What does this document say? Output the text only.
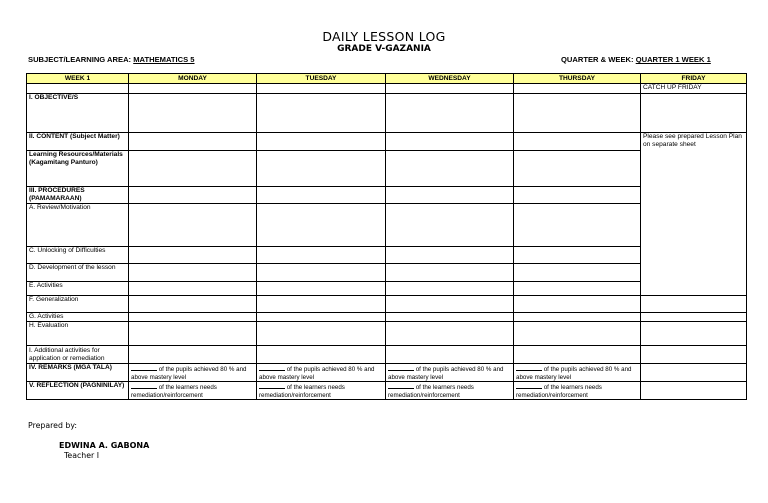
DAILY LESSON LOG
GRADE V-GAZANIA
SUBJECT/LEARNING AREA: MATHEMATICS 5	QUARTER & WEEK: QUARTER 1 WEEK 1
WEEK 1	MONDAY	TUESDAY	WEDNESDAY	THURSDAY	FRIDAY
					CATCH UP FRIDAY
I. OBJECTIVE/S					
II. CONTENT (Subject Matter)					Please see prepared Lesson Plan on separate sheet
Learning Resources/Materials (Kagamitang Panturo)					
III. PROCEDURES (PAMAMARAAN)					
A. Review/Motivation					
C. Unlocking of Difficulties					
D. Development of the lesson					
E. Activities					
F. Generalization					
G. Activities					
H. Evaluation					
I. Additional activities for application or remediation					
IV. REMARKS (MGA TALA)	of the pupils achieved 80 % and above mastery level	of the pupils achieved 80 % and above mastery level	of the pupils achieved 80 % and above mastery level	of the pupils achieved 80 % and above mastery level	
V. REFLECTION (PAGNINILAY)	of the learners needs remediation/reinforcement	of the learners needs remediation/reinforcement	of the learners needs remediation/reinforcement	of the learners needs remediation/reinforcement	
Prepared by:
EDWINA A. GABONA
Teacher I
